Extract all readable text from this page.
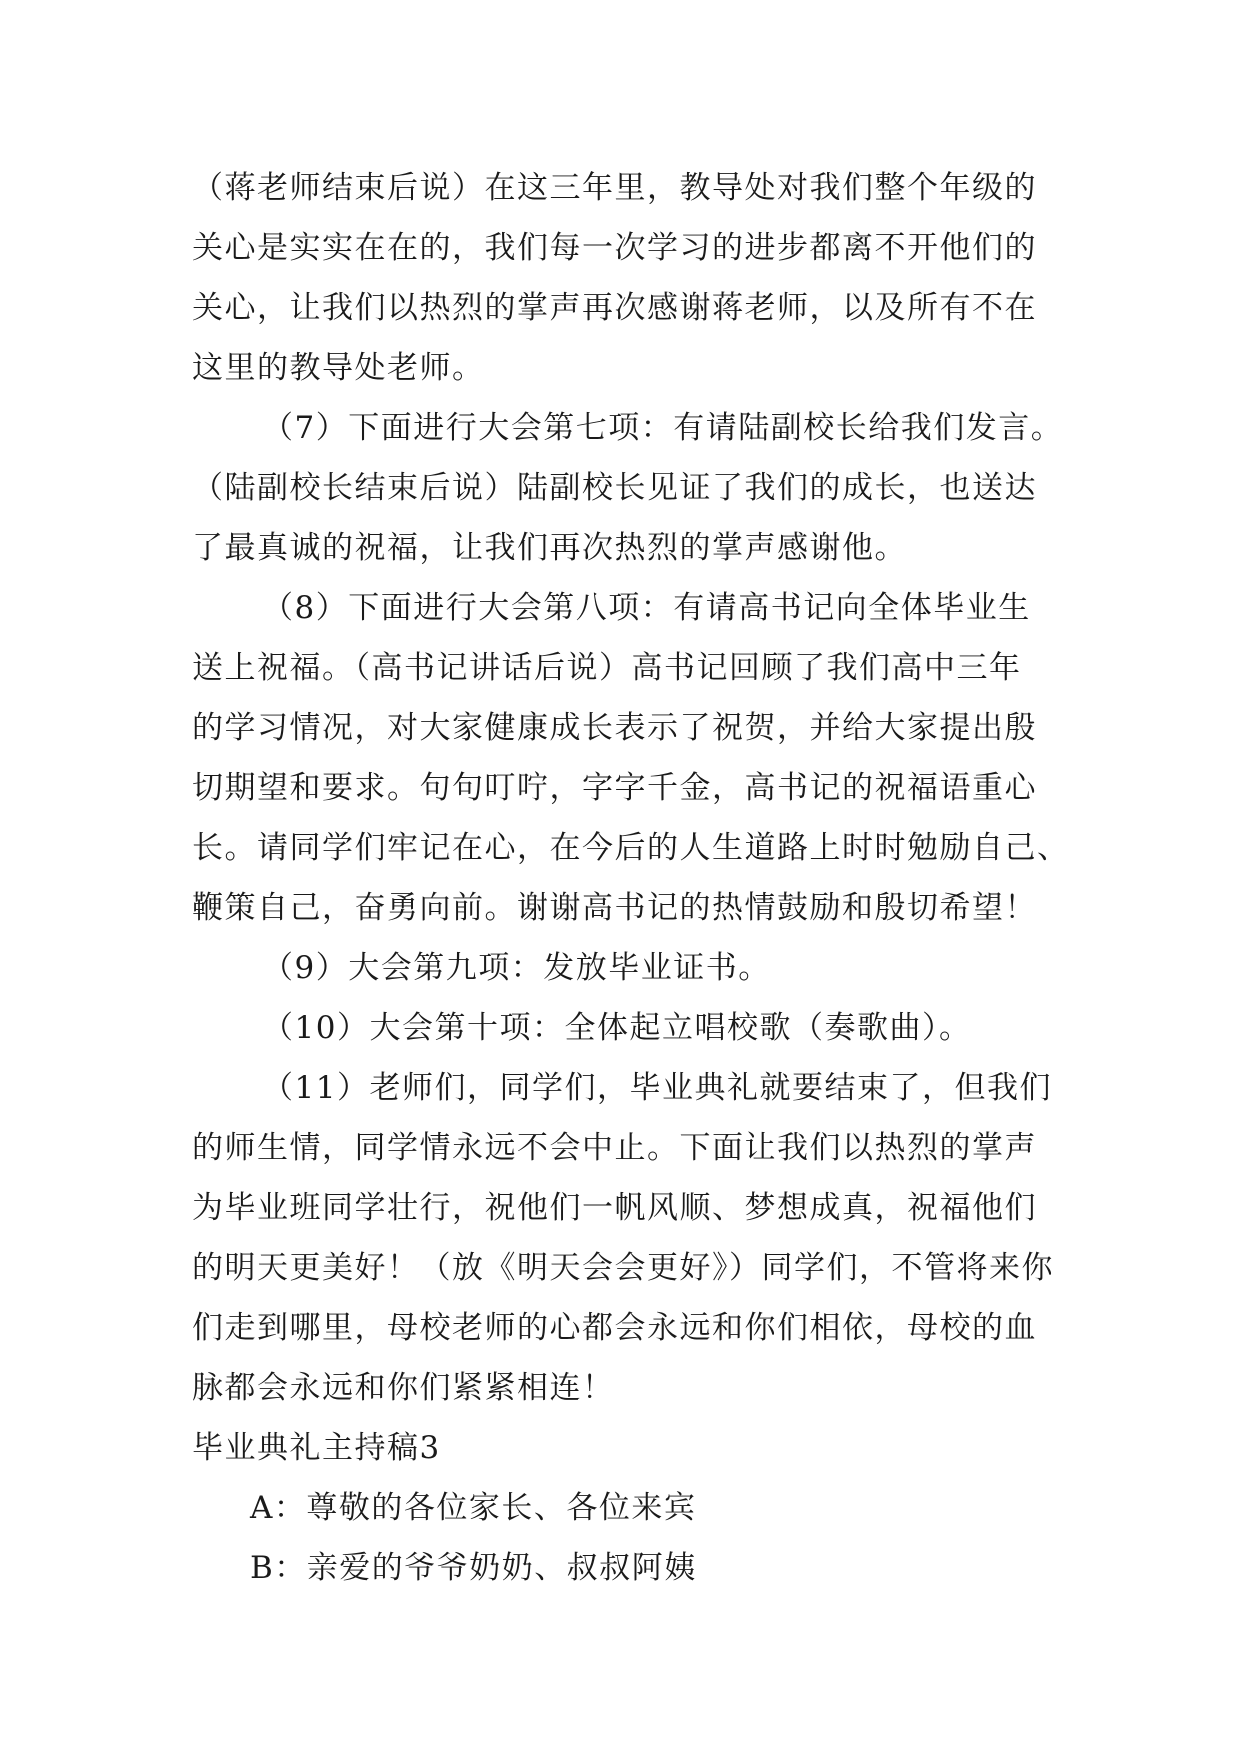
（蒋老师结束后说）在这三年里，教导处对我们整个年级的
关心是实实在在的，我们每一次学习的进步都离不开他们的
关心，让我们以热烈的掌声再次感谢蒋老师，以及所有不在
这里的教导处老师。
（7）下面进行大会第七项：有请陆副校长给我们发言。
（陆副校长结束后说）陆副校长见证了我们的成长，也送达
了最真诚的祝福，让我们再次热烈的掌声感谢他。
（8）下面进行大会第八项：有请高书记向全体毕业生
送上祝福。（高书记讲话后说）高书记回顾了我们高中三年
的学习情况，对大家健康成长表示了祝贺，并给大家提出殷
切期望和要求。句句叮咛，字字千金，高书记的祝福语重心
长。请同学们牢记在心，在今后的人生道路上时时勉励自己、
鞭策自己，奋勇向前。谢谢高书记的热情鼓励和殷切希望！
（9）大会第九项：发放毕业证书。
（10）大会第十项：全体起立唱校歌（奏歌曲）。
（11）老师们，同学们，毕业典礼就要结束了，但我们
的师生情，同学情永远不会中止。下面让我们以热烈的掌声
为毕业班同学壮行，祝他们一帆风顺、梦想成真，祝福他们
的明天更美好！（放《明天会会更好》）同学们，不管将来你
们走到哪里，母校老师的心都会永远和你们相依，母校的血
脉都会永远和你们紧紧相连！
毕业典礼主持稿3
A：尊敬的各位家长、各位来宾
B：亲爱的爷爷奶奶、叔叔阿姨
